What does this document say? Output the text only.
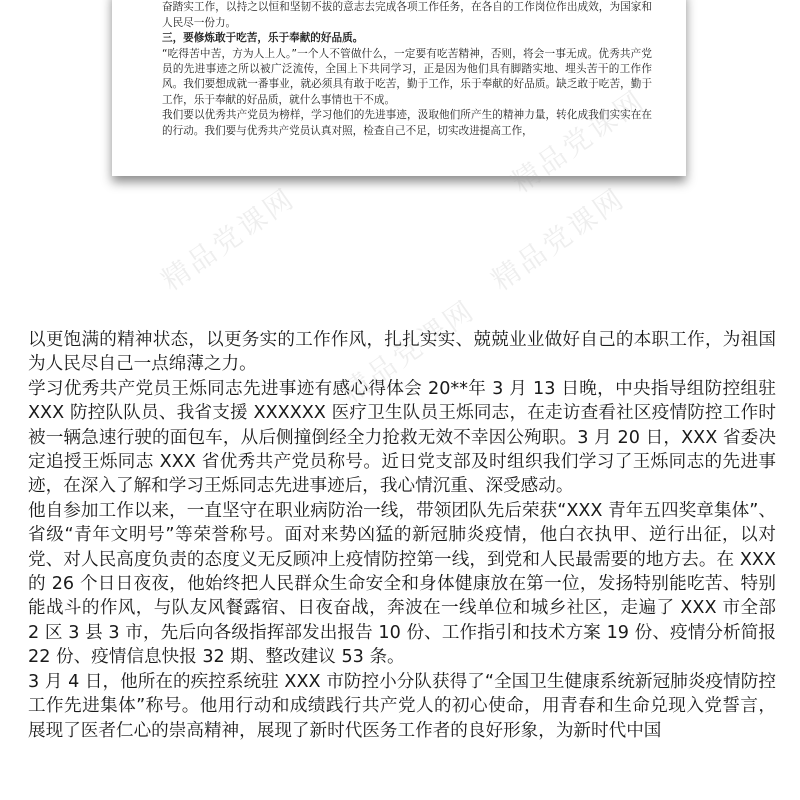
奋踏实工作，以持之以恒和坚韧不拔的意志去完成各项工作任务，在各自的工作岗位作出成效，为国家和人民尽一份力。

三，要修炼敢于吃苦，乐于奉献的好品质。

“吃得苦中苦，方为人上人。”一个人不管做什么，一定要有吃苦精神，否则，将会一事无成。优秀共产党员的先进事迹之所以被广泛流传，全国上下共同学习，正是因为他们具有脚踏实地、埋头苦干的工作作风。我们要想成就一番事业，就必须具有敢于吃苦，勤于工作，乐于奉献的好品质。缺乏敢于吃苦，勤于工作，乐于奉献的好品质，就什么事情也干不成。

我们要以优秀共产党员为榜样，学习他们的先进事迹，汲取他们所产生的精神力量，转化成我们实实在在的行动。我们要与优秀共产党员认真对照，检查自己不足，切实改进提高工作，

精品党课网	精品党课网
精品党课网

以更饱满的精神状态，以更务实的工作作风，扎扎实实、兢兢业业做好自己的本职工作，为祖国为人民尽自己一点绵薄之力。

学习优秀共产党员王烁同志先进事迹有感心得体会 20**年 3 月 13 日晚，中央指导组防控组驻 XXX 防控队队员、我省支援 XXXXXX 医疗卫生队员王烁同志，在走访查看社区疫情防控工作时被一辆急速行驶的面包车，从后侧撞倒经全力抢救无效不幸因公殉职。3 月 20 日，XXX 省委决定追授王烁同志 XXX 省优秀共产党员称号。近日党支部及时组织我们学习了王烁同志的先进事迹，在深入了解和学习王烁同志先进事迹后，我心情沉重、深受感动。

他自参加工作以来，一直坚守在职业病防治一线，带领团队先后荣获“XXX 青年五四奖章集体”、省级“青年文明号”等荣誉称号。面对来势凶猛的新冠肺炎疫情，他白衣执甲、逆行出征，以对党、对人民高度负责的态度义无反顾冲上疫情防控第一线，到党和人民最需要的地方去。在 XXX 的 26 个日日夜夜，他始终把人民群众生命安全和身体健康放在第一位，发扬特别能吃苦、特别能战斗的作风，与队友风餐露宿、日夜奋战，奔波在一线单位和城乡社区，走遍了 XXX 市全部 2 区 3 县 3 市，先后向各级指挥部发出报告 10 份、工作指引和技术方案 19 份、疫情分析简报 22 份、疫情信息快报 32 期、整改建议 53 条。

3 月 4 日，他所在的疾控系统驻 XXX 市防控小分队获得了“全国卫生健康系统新冠肺炎疫情防控工作先进集体”称号。他用行动和成绩践行共产党人的初心使命，用青春和生命兑现入党誓言，展现了医者仁心的崇高精神，展现了新时代医务工作者的良好形象，为新时代中国
